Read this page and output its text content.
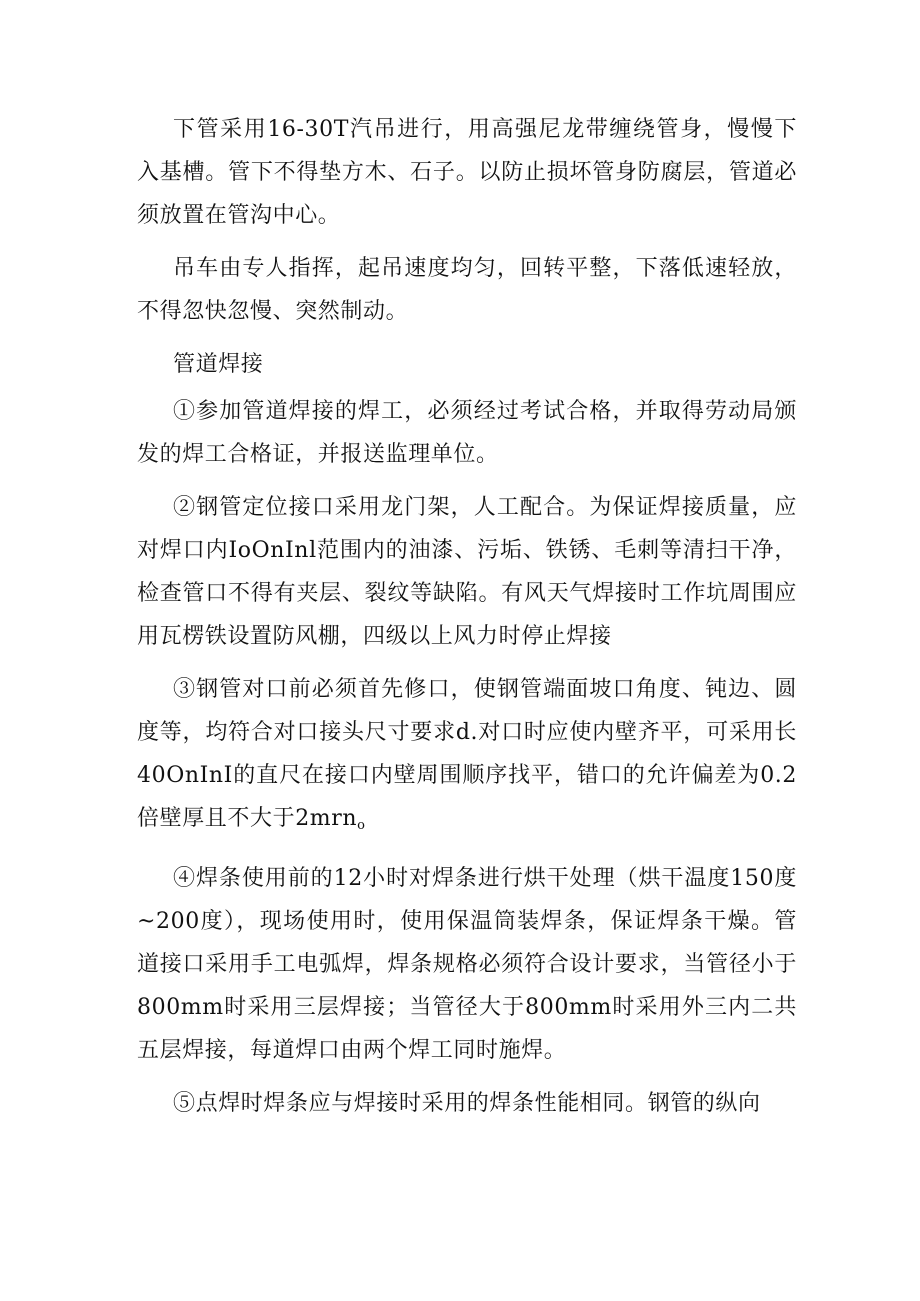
下管采用16-30T汽吊进行，用高强尼龙带缠绕管身，慢慢下入基槽。管下不得垫方木、石子。以防止损坏管身防腐层，管道必须放置在管沟中心。

吊车由专人指挥，起吊速度均匀，回转平整，下落低速轻放，不得忽快忽慢、突然制动。

管道焊接

①参加管道焊接的焊工，必须经过考试合格，并取得劳动局颁发的焊工合格证，并报送监理单位。

②钢管定位接口采用龙门架，人工配合。为保证焊接质量，应对焊口内IoOnInl范围内的油漆、污垢、铁锈、毛刺等清扫干净，检查管口不得有夹层、裂纹等缺陷。有风天气焊接时工作坑周围应用瓦楞铁设置防风棚，四级以上风力时停止焊接

③钢管对口前必须首先修口，使钢管端面坡口角度、钝边、圆度等，均符合对口接头尺寸要求d.对口时应使内壁齐平，可采用长40OnInI的直尺在接口内壁周围顺序找平，错口的允许偏差为0.2倍壁厚且不大于2mrno

④焊条使用前的12小时对焊条进行烘干处理（烘干温度150度~200度），现场使用时，使用保温筒装焊条，保证焊条干燥。管道接口采用手工电弧焊，焊条规格必须符合设计要求，当管径小于800mm时采用三层焊接；当管径大于800mm时采用外三内二共五层焊接，每道焊口由两个焊工同时施焊。

⑤点焊时焊条应与焊接时采用的焊条性能相同。钢管的纵向
